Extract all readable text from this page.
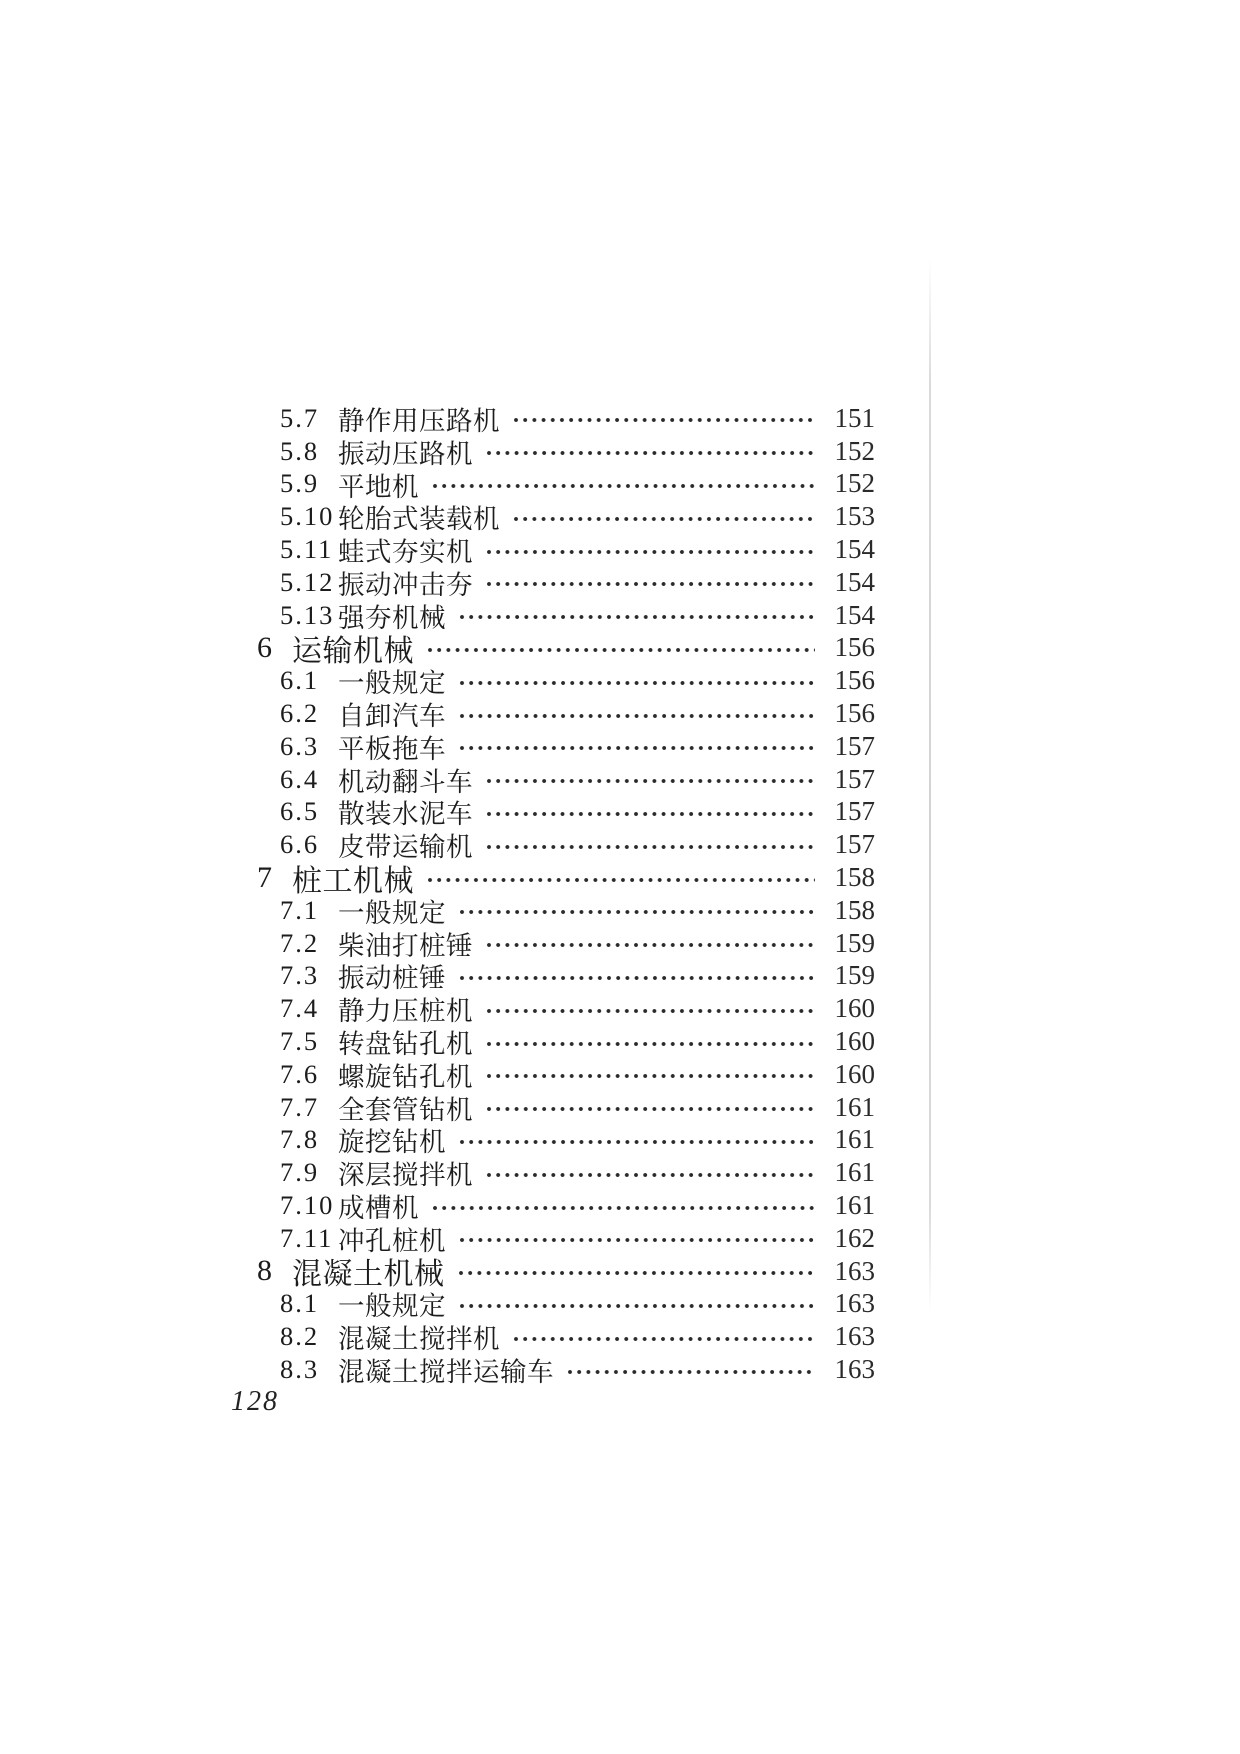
5.7 静作用压路机	151
5.8 振动压路机	152
5.9 平地机	152
5.10 轮胎式装载机	153
5.11 蛙式夯实机	154
5.12 振动冲击夯	154
5.13 强夯机械	154
6 运输机械	156
6.1 一般规定	156
6.2 自卸汽车	156
6.3 平板拖车	157
6.4 机动翻斗车	157
6.5 散装水泥车	157
6.6 皮带运输机	157
7 桩工机械	158
7.1 一般规定	158
7.2 柴油打桩锤	159
7.3 振动桩锤	159
7.4 静力压桩机	160
7.5 转盘钻孔机	160
7.6 螺旋钻孔机	160
7.7 全套管钻机	161
7.8 旋挖钻机	161
7.9 深层搅拌机	161
7.10 成槽机	161
7.11 冲孔桩机	162
8 混凝土机械	163
8.1 一般规定	163
8.2 混凝土搅拌机	163
8.3 混凝土搅拌运输车	163
128
